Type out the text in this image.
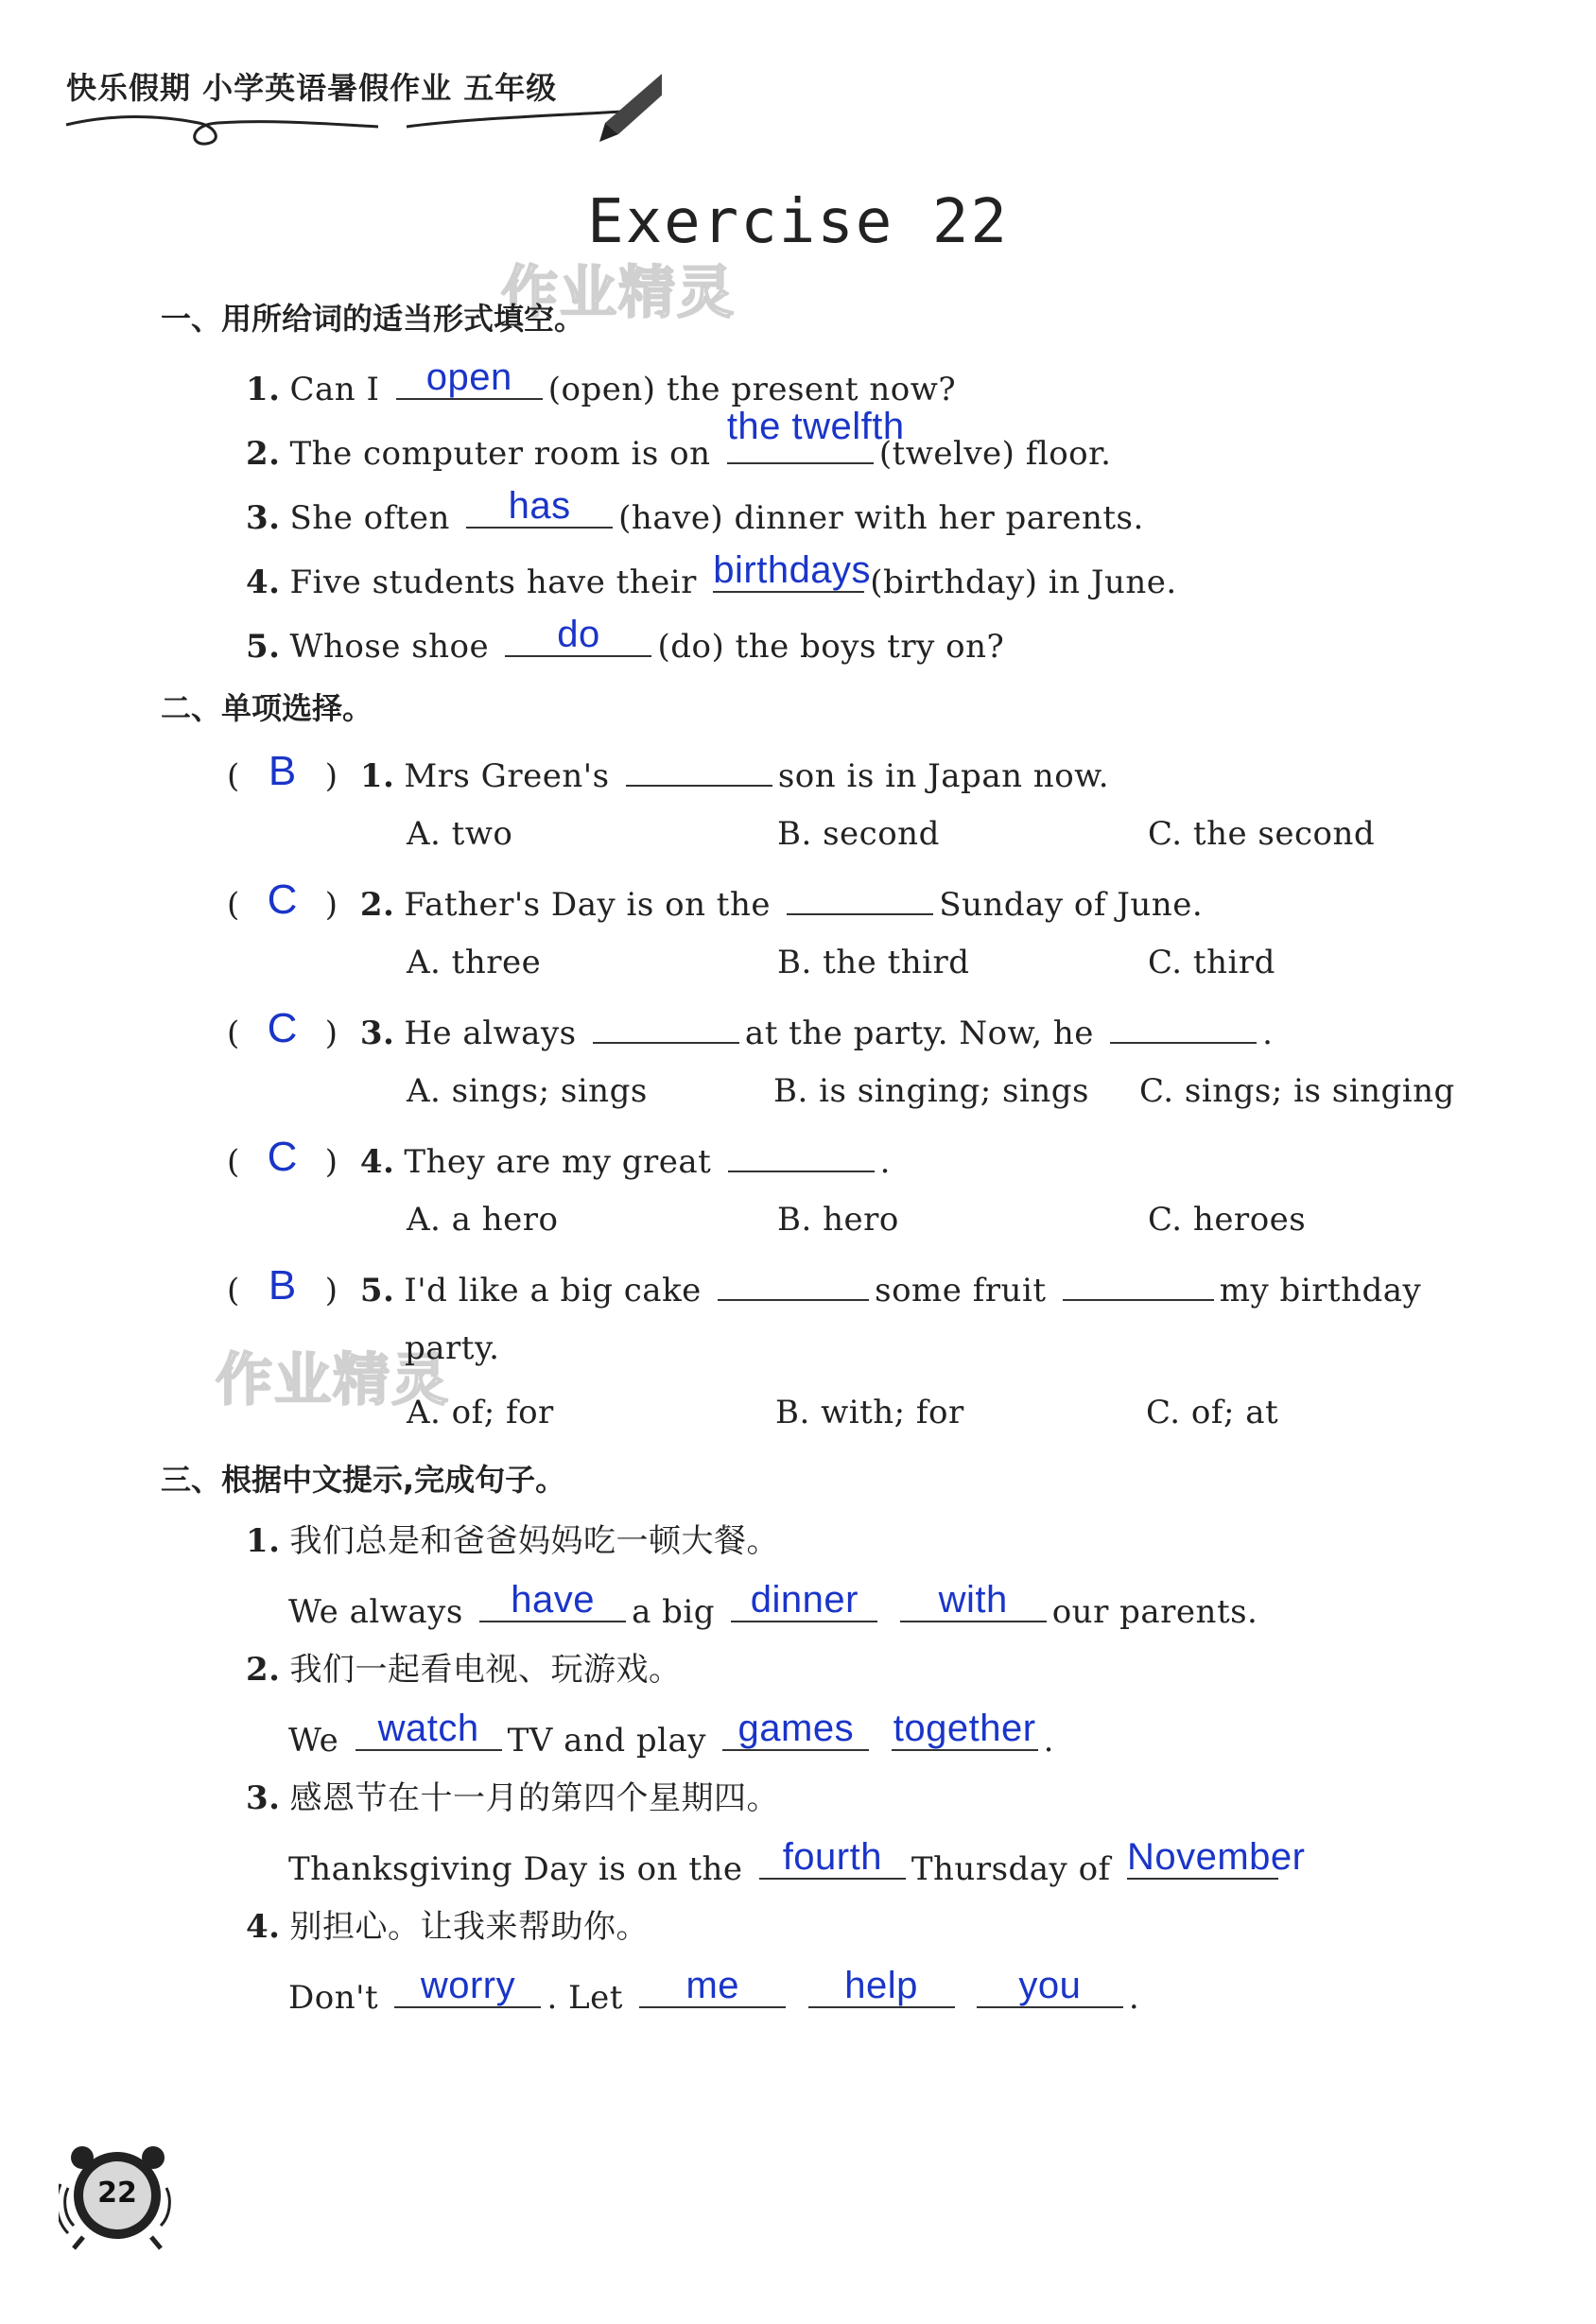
快乐假期 小学英语暑假作业 五年级
Exercise 22
作业精灵
作业精灵
一、用所给词的适当形式填空。
1. Can I	open	(open) the present now?
2. The computer room is on
the twelfth
(twelve) floor.
3. She often	has	(have) dinner with her parents.
4. Five students have their birthdays (birthday) in June.
5. Whose shoe	do	(do) the boys try on?
二、单项选择。
( B ) 1. Mrs Green's	son is in Japan now.
A. two	B. second	C. the second
( C ) 2. Father's Day is on the	Sunday of June.
A. three	B. the third	C. third
( C ) 3. He always	at the party. Now, he	.
A. sings; sings	B. is singing; sings C. sings; is singing
( C ) 4. They are my great	.
A. a hero	B. hero	C. heroes
( B ) 5. I'd like a big cake	some fruit	my birthday
party.
A. of; for	B. with; for	C. of; at
三、根据中文提示,完成句子。
1. 我们总是和爸爸妈妈吃一顿大餐。
We always	have	a big dinner
	with	our parents.
2. 我们一起看电视、玩游戏。
We	watch TV and play games
	together .
3. 感恩节在十一月的第四个星期四。
Thanksgiving Day is on the	fourth Thursday of November
4. 别担心。让我来帮助你。
Don't	worry . Let	me
	help
	you	.
22
